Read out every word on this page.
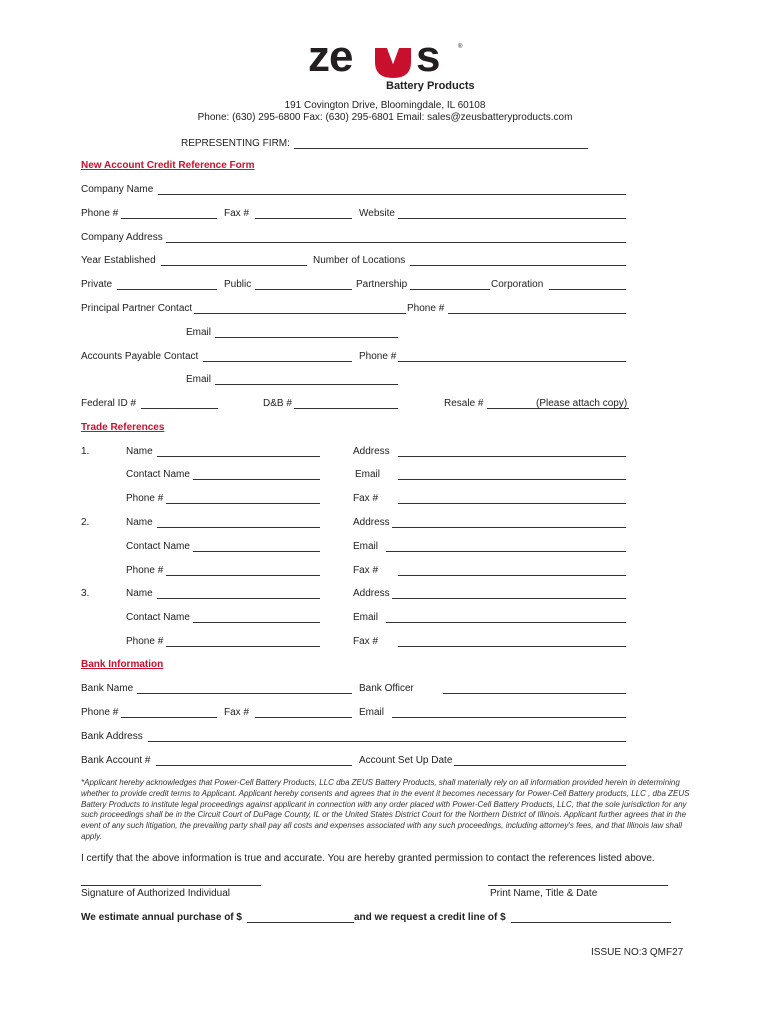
ze s	®
Battery Products
191 Covington Drive, Bloomingdale, IL 60108
Phone: (630) 295-6800 Fax: (630) 295-6801 Email: sales@zeusbatteryproducts.com
REPRESENTING FIRM:
New Account Credit Reference Form
Company Name
Phone #	Fax #	Website
Company Address
Year Established	Number of Locations
Private	Public	Partnership	Corporation
Principal Partner Contact	Phone #
Email
Accounts Payable Contact	Phone #
Email
Federal ID #	D&B #	Resale #	(Please attach copy)
Trade References
1.	Name	Address
Contact Name	Email
Phone #	Fax #
2.	Name	Address
Contact Name	Email
Phone #	Fax #
3.	Name	Address
Contact Name	Email
Phone #	Fax #
Bank Information
Bank Name	Bank Officer
Phone #	Fax #	Email
Bank Address
Bank Account #	Account Set Up Date
*Applicant hereby acknowledges that Power-Cell Battery Products, LLC dba ZEUS Battery Products, shall materially rely on all information provided herein in determining whether to provide credit terms to Applicant. Applicant hereby consents and agrees that in the event it becomes necessary for Power-Cell Battery products, LLC , dba ZEUS Battery Products to institute legal proceedings against applicant in connection with any order placed with Power-Cell Battery Products, LLC, that the sole jurisdiction for any such proceedings shall be in the Circuit Court of DuPage County, IL or the United States District Court for the Northern District of Illinois. Applicant further agrees that in the event of any such litigation, the prevailing party shall pay all costs and expenses associated with any such proceedings, including attorney's fees, and that Illinois law shall apply.
I certify that the above information is true and accurate. You are hereby granted permission to contact the references listed above.
Signature of Authorized Individual	Print Name, Title & Date
We estimate annual purchase of $	and we request a credit line of $
ISSUE NO:3 QMF27
